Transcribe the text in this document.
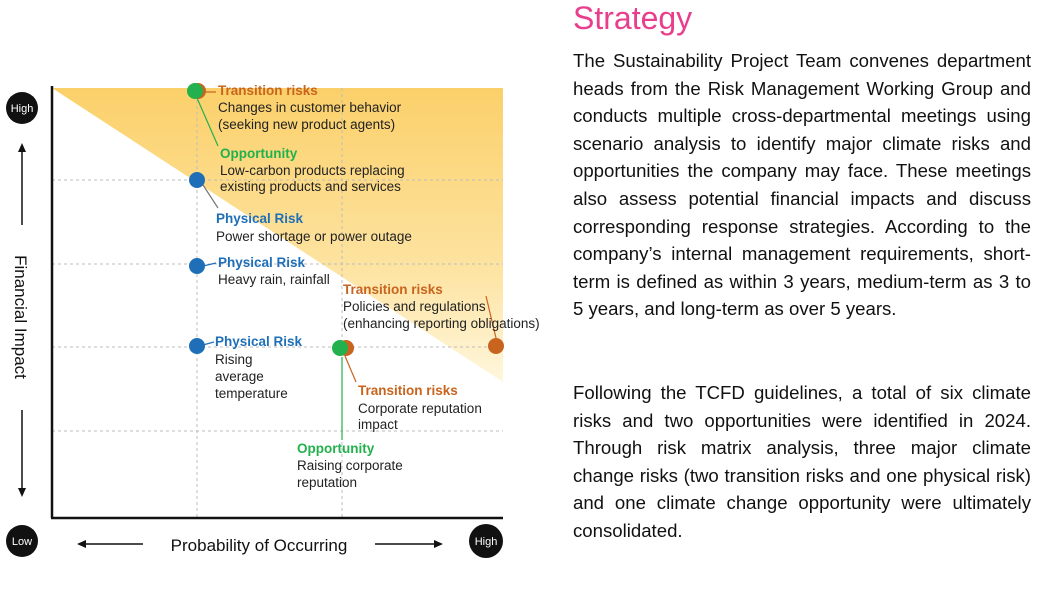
Financial Impact
Probability of Occurring
High
Low	High
Transition risks
Changes in customer behavior
(seeking new product agents)
Opportunity
Low-carbon products replacing
existing products and services
Physical Risk
Power shortage or power outage
Physical Risk
Heavy rain, rainfall
Transition risks
Policies and regulations
(enhancing reporting obligations)
Physical Risk
Rising
average
temperature	Transition risks
Corporate reputation
impact
Opportunity
Raising corporate
reputation
Strategy

The Sustainability Project Team convenes department heads from the Risk Management Working Group and conducts multiple cross-departmental meetings using scenario analysis to identify major climate risks and opportunities the company may face. These meetings also assess potential financial impacts and discuss corresponding response strategies. According to the company’s internal management requirements, short-term is defined as within 3 years, medium-term as 3 to 5 years, and long-term as over 5 years.

Following the TCFD guidelines, a total of six climate risks and two opportunities were identified in 2024. Through risk matrix analysis, three major climate change risks (two transition risks and one physical risk) and one climate change opportunity were ultimately consolidated.
